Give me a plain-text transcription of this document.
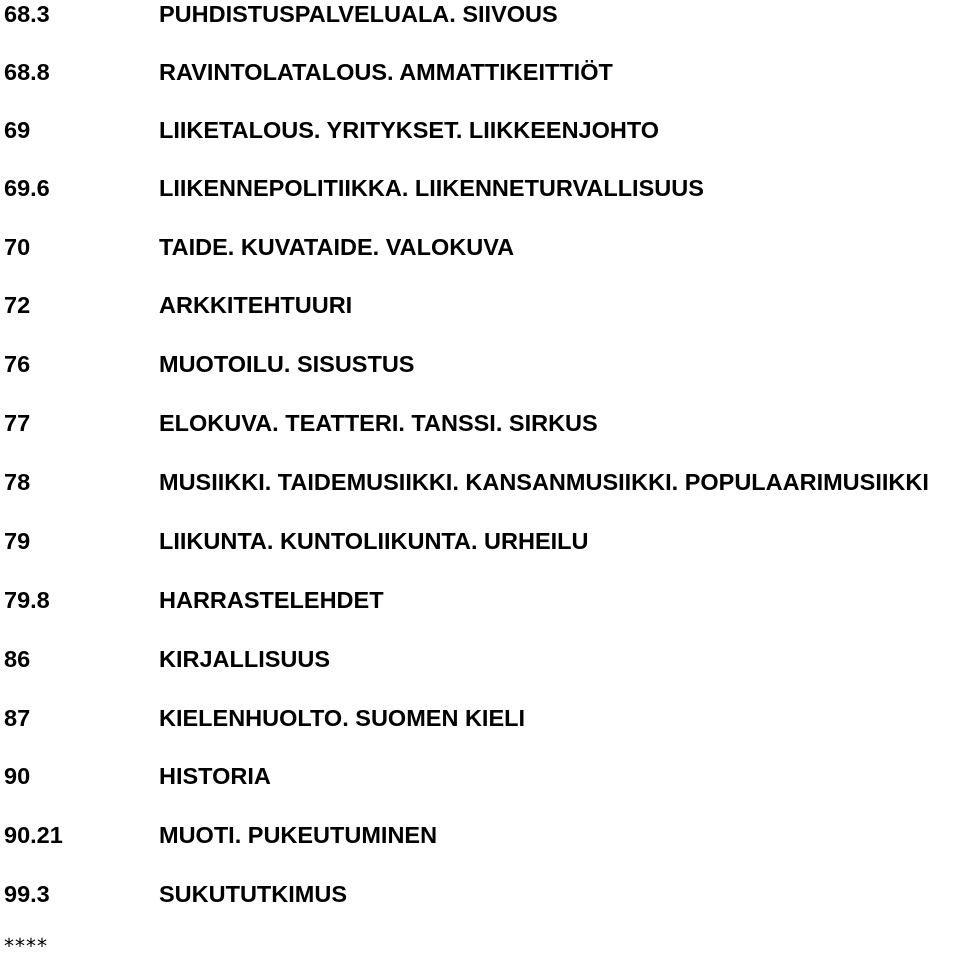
68.3	PUHDISTUSPALVELUALA. SIIVOUS
68.8	RAVINTOLATALOUS. AMMATTIKEITTIÖT
69	LIIKETALOUS. YRITYKSET. LIIKKEENJOHTO
69.6	LIIKENNEPOLITIIKKA. LIIKENNETURVALLISUUS
70	TAIDE. KUVATAIDE. VALOKUVA
72	ARKKITEHTUURI
76	MUOTOILU. SISUSTUS
77	ELOKUVA. TEATTERI. TANSSI. SIRKUS
78	MUSIIKKI. TAIDEMUSIIKKI. KANSANMUSIIKKI. POPULAARIMUSIIKKI
79	LIIKUNTA. KUNTOLIIKUNTA. URHEILU
79.8	HARRASTELEHDET
86	KIRJALLISUUS
87	KIELENHUOLTO. SUOMEN KIELI
90	HISTORIA
90.21	MUOTI. PUKEUTUMINEN
99.3	SUKUTUTKIMUS
****
